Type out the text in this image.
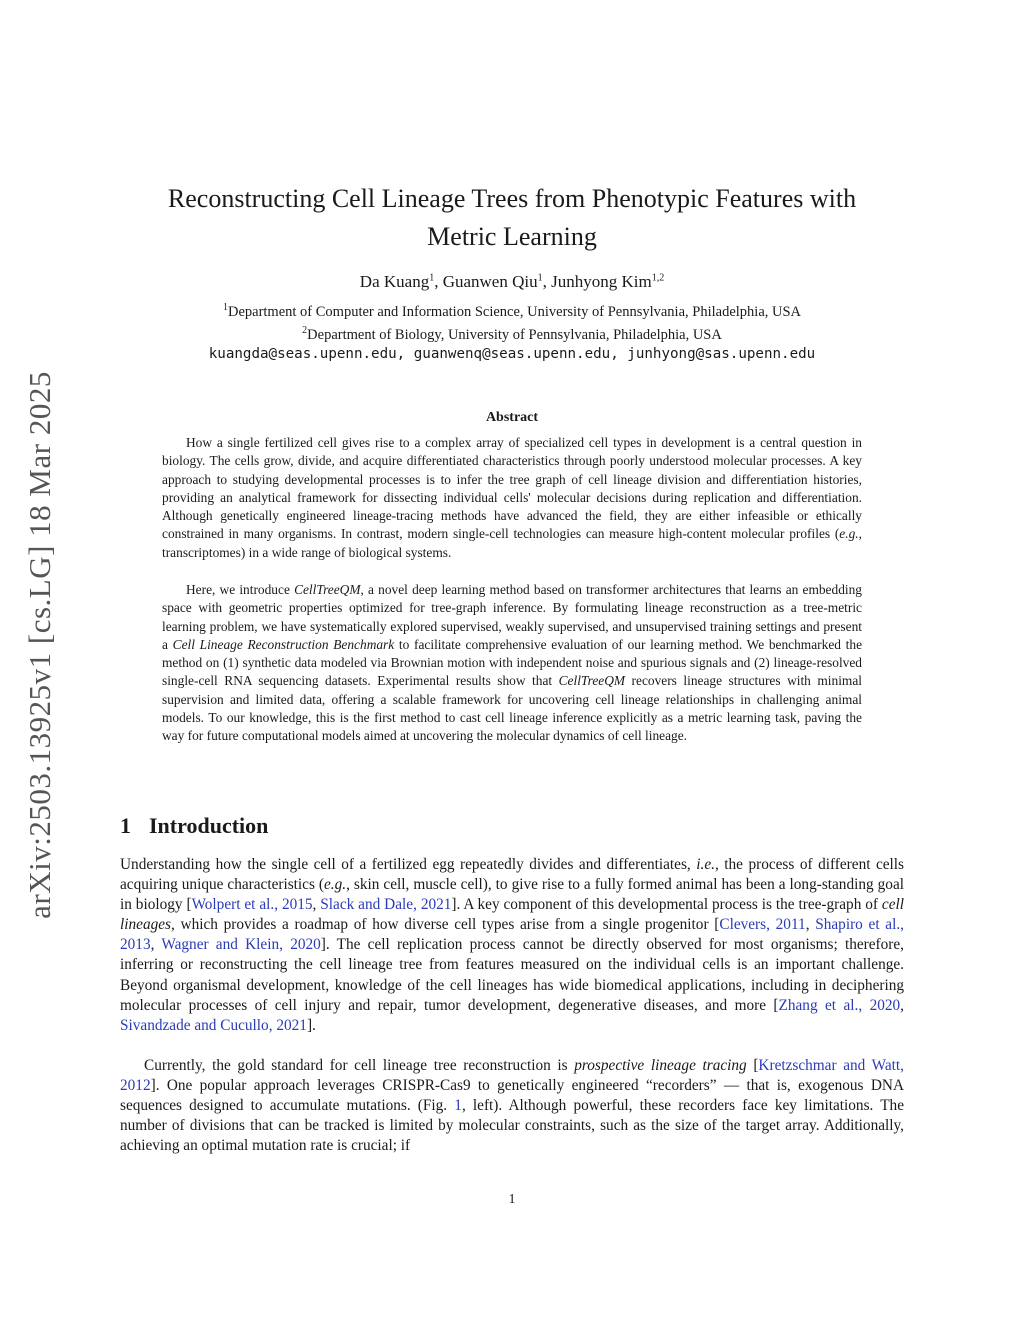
arXiv:2503.13925v1 [cs.LG] 18 Mar 2025
Reconstructing Cell Lineage Trees from Phenotypic Features with
Metric Learning
Da Kuang$^1$, Guanwen Qiu$^1$, Junhyong Kim$^{1,2}$
$^1$Department of Computer and Information Science, University of Pennsylvania, Philadelphia, USA
$^2$Department of Biology, University of Pennsylvania, Philadelphia, USA
kuangda@seas.upenn.edu, guanwenq@seas.upenn.edu, junhyong@sas.upenn.edu
Abstract

How a single fertilized cell gives rise to a complex array of specialized cell types in development is a central question in biology. The cells grow, divide, and acquire differentiated characteristics through poorly understood molecular processes. A key approach to studying developmental processes is to infer the tree graph of cell lineage division and differentiation histories, providing an analytical framework for dissecting individual cells' molecular decisions during replication and differentiation. Although genetically engineered lineage-tracing methods have advanced the field, they are either infeasible or ethically constrained in many organisms. In contrast, modern single-cell technologies can measure high-content molecular profiles (e.g., transcriptomes) in a wide range of biological systems.

Here, we introduce CellTreeQM, a novel deep learning method based on transformer architectures that learns an embedding space with geometric properties optimized for tree-graph inference. By formulating lineage reconstruction as a tree-metric learning problem, we have systematically explored supervised, weakly supervised, and unsupervised training settings and present a Cell Lineage Reconstruction Benchmark to facilitate comprehensive evaluation of our learning method. We benchmarked the method on (1) synthetic data modeled via Brownian motion with independent noise and spurious signals and (2) lineage-resolved single-cell RNA sequencing datasets. Experimental results show that CellTreeQM recovers lineage structures with minimal supervision and limited data, offering a scalable framework for uncovering cell lineage relationships in challenging animal models. To our knowledge, this is the first method to cast cell lineage inference explicitly as a metric learning task, paving the way for future computational models aimed at uncovering the molecular dynamics of cell lineage.

1 Introduction

Understanding how the single cell of a fertilized egg repeatedly divides and differentiates, i.e., the process of different cells acquiring unique characteristics (e.g., skin cell, muscle cell), to give rise to a fully formed animal has been a long-standing goal in biology [Wolpert et al., 2015, Slack and Dale, 2021]. A key component of this developmental process is the tree-graph of cell lineages, which provides a roadmap of how diverse cell types arise from a single progenitor [Clevers, 2011, Shapiro et al., 2013, Wagner and Klein, 2020]. The cell replication process cannot be directly observed for most organisms; therefore, inferring or reconstructing the cell lineage tree from features measured on the individual cells is an important challenge. Beyond organismal development, knowledge of the cell lineages has wide biomedical applications, including in deciphering molecular processes of cell injury and repair, tumor development, degenerative diseases, and more [Zhang et al., 2020, Sivandzade and Cucullo, 2021].

Currently, the gold standard for cell lineage tree reconstruction is prospective lineage tracing [Kretzschmar and Watt, 2012]. One popular approach leverages CRISPR-Cas9 to genetically engineered “recorders” — that is, exogenous DNA sequences designed to accumulate mutations. (Fig. 1, left). Although powerful, these recorders face key limitations. The number of divisions that can be tracked is limited by molecular constraints, such as the size of the target array. Additionally, achieving an optimal mutation rate is crucial; if

1
